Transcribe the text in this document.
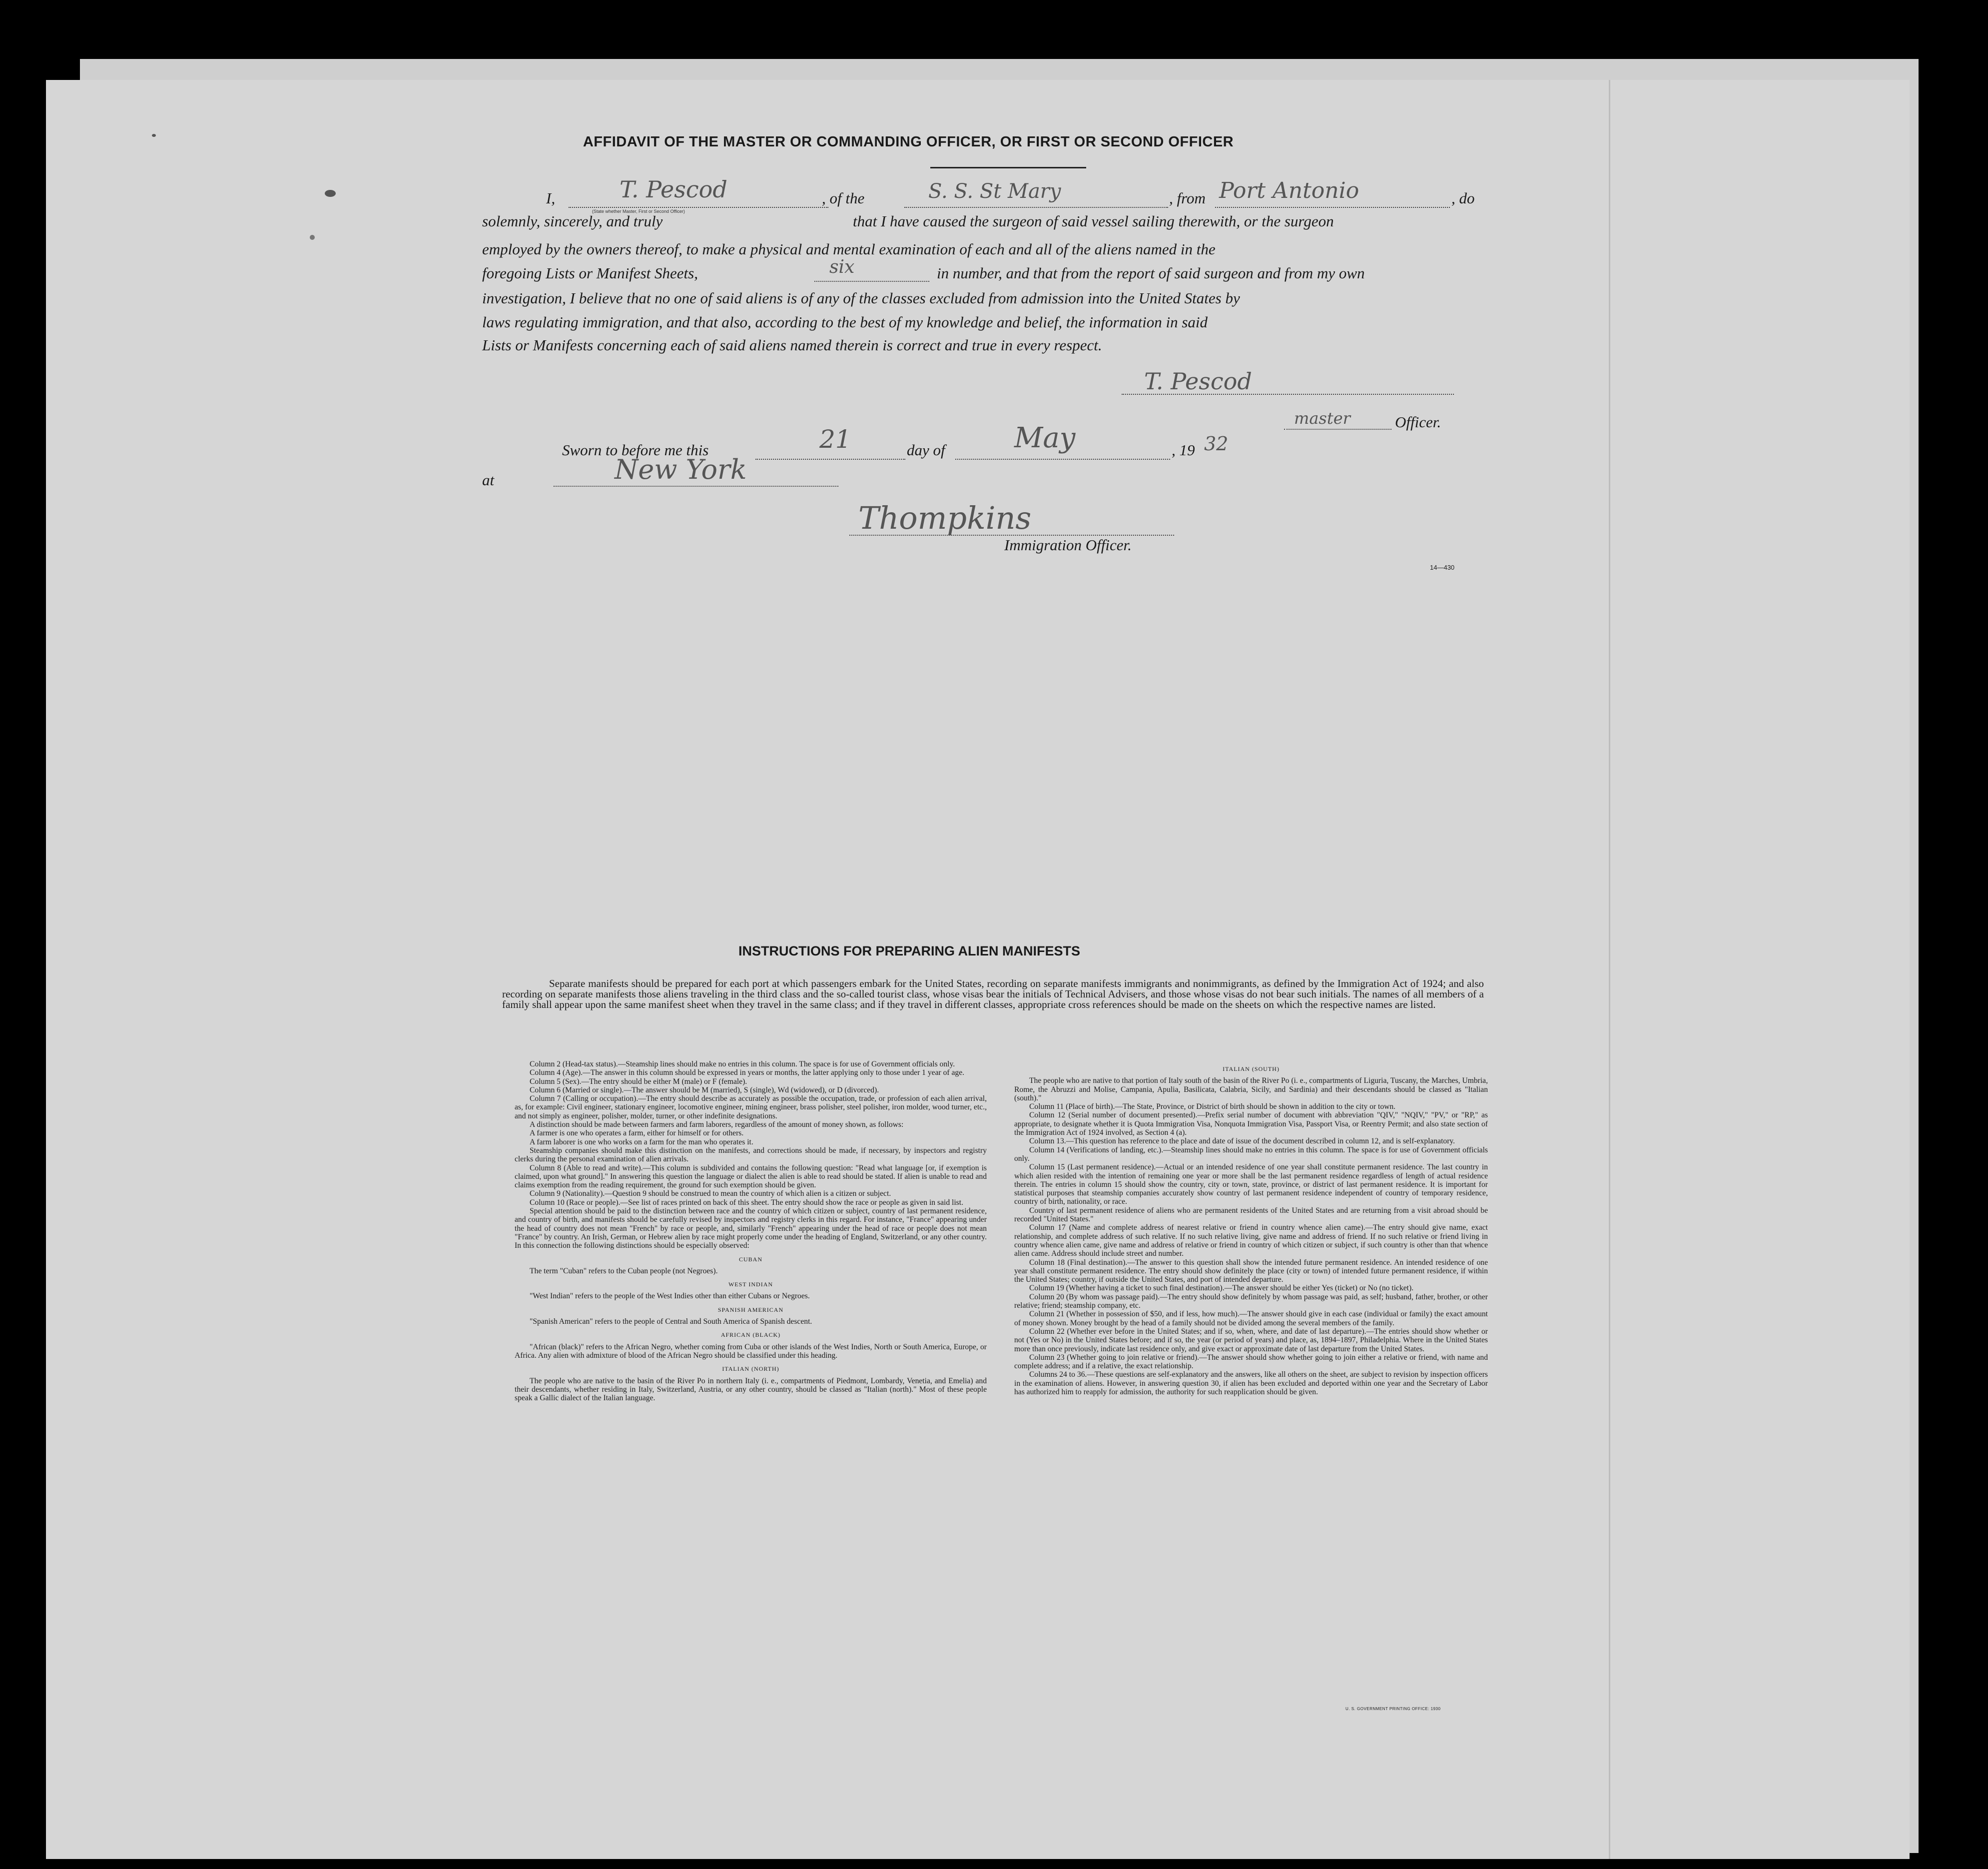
AFFIDAVIT OF THE MASTER OR COMMANDING OFFICER, OR FIRST OR SECOND OFFICER
I,	, of the	, from	, do
T. Pescod	S. S. St Mary	Port Antonio
(State whether Master, First or Second Officer)
solemnly, sincerely, and truly	that I have caused the surgeon of said vessel sailing therewith, or the surgeon
employed by the owners thereof, to make a physical and mental examination of each and all of the aliens named in the
foregoing Lists or Manifest Sheets,	in number, and that from the report of said surgeon and from my own
six
investigation, I believe that no one of said aliens is of any of the classes excluded from admission into the United States by
laws regulating immigration, and that also, according to the best of my knowledge and belief, the information in said
Lists or Manifests concerning each of said aliens named therein is correct and true in every respect.
T. Pescod
master	Officer.
Sworn to before me this	day of	, 19
21	May	32
at	New York
Thompkins
Immigration Officer.
14—430
INSTRUCTIONS FOR PREPARING ALIEN MANIFESTS

Separate manifests should be prepared for each port at which passengers embark for the United States, recording on separate manifests immigrants and nonimmigrants, as defined by the Immigration Act of 1924; and also recording on separate manifests those aliens traveling in the third class and the so-called tourist class, whose visas bear the initials of Technical Advisers, and those whose visas do not bear such initials. The names of all members of a family shall appear upon the same manifest sheet when they travel in the same class; and if they travel in different classes, appropriate cross references should be made on the sheets on which the respective names are listed.

Column 2 (Head-tax status).—Steamship lines should make no entries in this column. The space is for use of Government officials only.

Column 4 (Age).—The answer in this column should be expressed in years or months, the latter applying only to those under 1 year of age.

Column 5 (Sex).—The entry should be either M (male) or F (female).

Column 6 (Married or single).—The answer should be M (married), S (single), Wd (widowed), or D (divorced).

Column 7 (Calling or occupation).—The entry should describe as accurately as possible the occupation, trade, or profession of each alien arrival, as, for example: Civil engineer, stationary engineer, locomotive engineer, mining engineer, brass polisher, steel polisher, iron molder, wood turner, etc., and not simply as engineer, polisher, molder, turner, or other indefinite designations.

A distinction should be made between farmers and farm laborers, regardless of the amount of money shown, as follows:

A farmer is one who operates a farm, either for himself or for others.

A farm laborer is one who works on a farm for the man who operates it.

Steamship companies should make this distinction on the manifests, and corrections should be made, if necessary, by inspectors and registry clerks during the personal examination of alien arrivals.

Column 8 (Able to read and write).—This column is subdivided and contains the following question: "Read what language [or, if exemption is claimed, upon what ground]." In answering this question the language or dialect the alien is able to read should be stated. If alien is unable to read and claims exemption from the reading requirement, the ground for such exemption should be given.

Column 9 (Nationality).—Question 9 should be construed to mean the country of which alien is a citizen or subject.

Column 10 (Race or people).—See list of races printed on back of this sheet. The entry should show the race or people as given in said list.

Special attention should be paid to the distinction between race and the country of which citizen or subject, country of last permanent residence, and country of birth, and manifests should be carefully revised by inspectors and registry clerks in this regard. For instance, "France" appearing under the head of country does not mean "French" by race or people, and, similarly "French" appearing under the head of race or people does not mean "France" by country. An Irish, German, or Hebrew alien by race might properly come under the heading of England, Switzerland, or any other country. In this connection the following distinctions should be especially observed:

CUBAN

The term "Cuban" refers to the Cuban people (not Negroes).

WEST INDIAN

"West Indian" refers to the people of the West Indies other than either Cubans or Negroes.

SPANISH AMERICAN

"Spanish American" refers to the people of Central and South America of Spanish descent.

AFRICAN (BLACK)

"African (black)" refers to the African Negro, whether coming from Cuba or other islands of the West Indies, North or South America, Europe, or Africa. Any alien with admixture of blood of the African Negro should be classified under this heading.

ITALIAN (NORTH)

The people who are native to the basin of the River Po in northern Italy (i. e., compartments of Piedmont, Lombardy, Venetia, and Emelia) and their descendants, whether residing in Italy, Switzerland, Austria, or any other country, should be classed as "Italian (north)." Most of these people speak a Gallic dialect of the Italian language.

ITALIAN (SOUTH)

The people who are native to that portion of Italy south of the basin of the River Po (i. e., compartments of Liguria, Tuscany, the Marches, Umbria, Rome, the Abruzzi and Molise, Campania, Apulia, Basilicata, Calabria, Sicily, and Sardinia) and their descendants should be classed as "Italian (south)."

Column 11 (Place of birth).—The State, Province, or District of birth should be shown in addition to the city or town.

Column 12 (Serial number of document presented).—Prefix serial number of document with abbreviation "QIV," "NQIV," "PV," or "RP," as appropriate, to designate whether it is Quota Immigration Visa, Nonquota Immigration Visa, Passport Visa, or Reentry Permit; and also state section of the Immigration Act of 1924 involved, as Section 4 (a).

Column 13.—This question has reference to the place and date of issue of the document described in column 12, and is self-explanatory.

Column 14 (Verifications of landing, etc.).—Steamship lines should make no entries in this column. The space is for use of Government officials only.

Column 15 (Last permanent residence).—Actual or an intended residence of one year shall constitute permanent residence. The last country in which alien resided with the intention of remaining one year or more shall be the last permanent residence regardless of length of actual residence therein. The entries in column 15 should show the country, city or town, state, province, or district of last permanent residence. It is important for statistical purposes that steamship companies accurately show country of last permanent residence independent of country of temporary residence, country of birth, nationality, or race.

Country of last permanent residence of aliens who are permanent residents of the United States and are returning from a visit abroad should be recorded "United States."

Column 17 (Name and complete address of nearest relative or friend in country whence alien came).—The entry should give name, exact relationship, and complete address of such relative. If no such relative living, give name and address of friend. If no such relative or friend living in country whence alien came, give name and address of relative or friend in country of which citizen or subject, if such country is other than that whence alien came. Address should include street and number.

Column 18 (Final destination).—The answer to this question shall show the intended future permanent residence. An intended residence of one year shall constitute permanent residence. The entry should show definitely the place (city or town) of intended future permanent residence, if within the United States; country, if outside the United States, and port of intended departure.

Column 19 (Whether having a ticket to such final destination).—The answer should be either Yes (ticket) or No (no ticket).

Column 20 (By whom was passage paid).—The entry should show definitely by whom passage was paid, as self; husband, father, brother, or other relative; friend; steamship company, etc.

Column 21 (Whether in possession of $50, and if less, how much).—The answer should give in each case (individual or family) the exact amount of money shown. Money brought by the head of a family should not be divided among the several members of the family.

Column 22 (Whether ever before in the United States; and if so, when, where, and date of last departure).—The entries should show whether or not (Yes or No) in the United States before; and if so, the year (or period of years) and place, as, 1894–1897, Philadelphia. Where in the United States more than once previously, indicate last residence only, and give exact or approximate date of last departure from the United States.

Column 23 (Whether going to join relative or friend).—The answer should show whether going to join either a relative or friend, with name and complete address; and if a relative, the exact relationship.

Columns 24 to 36.—These questions are self-explanatory and the answers, like all others on the sheet, are subject to revision by inspection officers in the examination of aliens. However, in answering question 30, if alien has been excluded and deported within one year and the Secretary of Labor has authorized him to reapply for admission, the authority for such reapplication should be given.

U. S. GOVERNMENT PRINTING OFFICE: 1930
